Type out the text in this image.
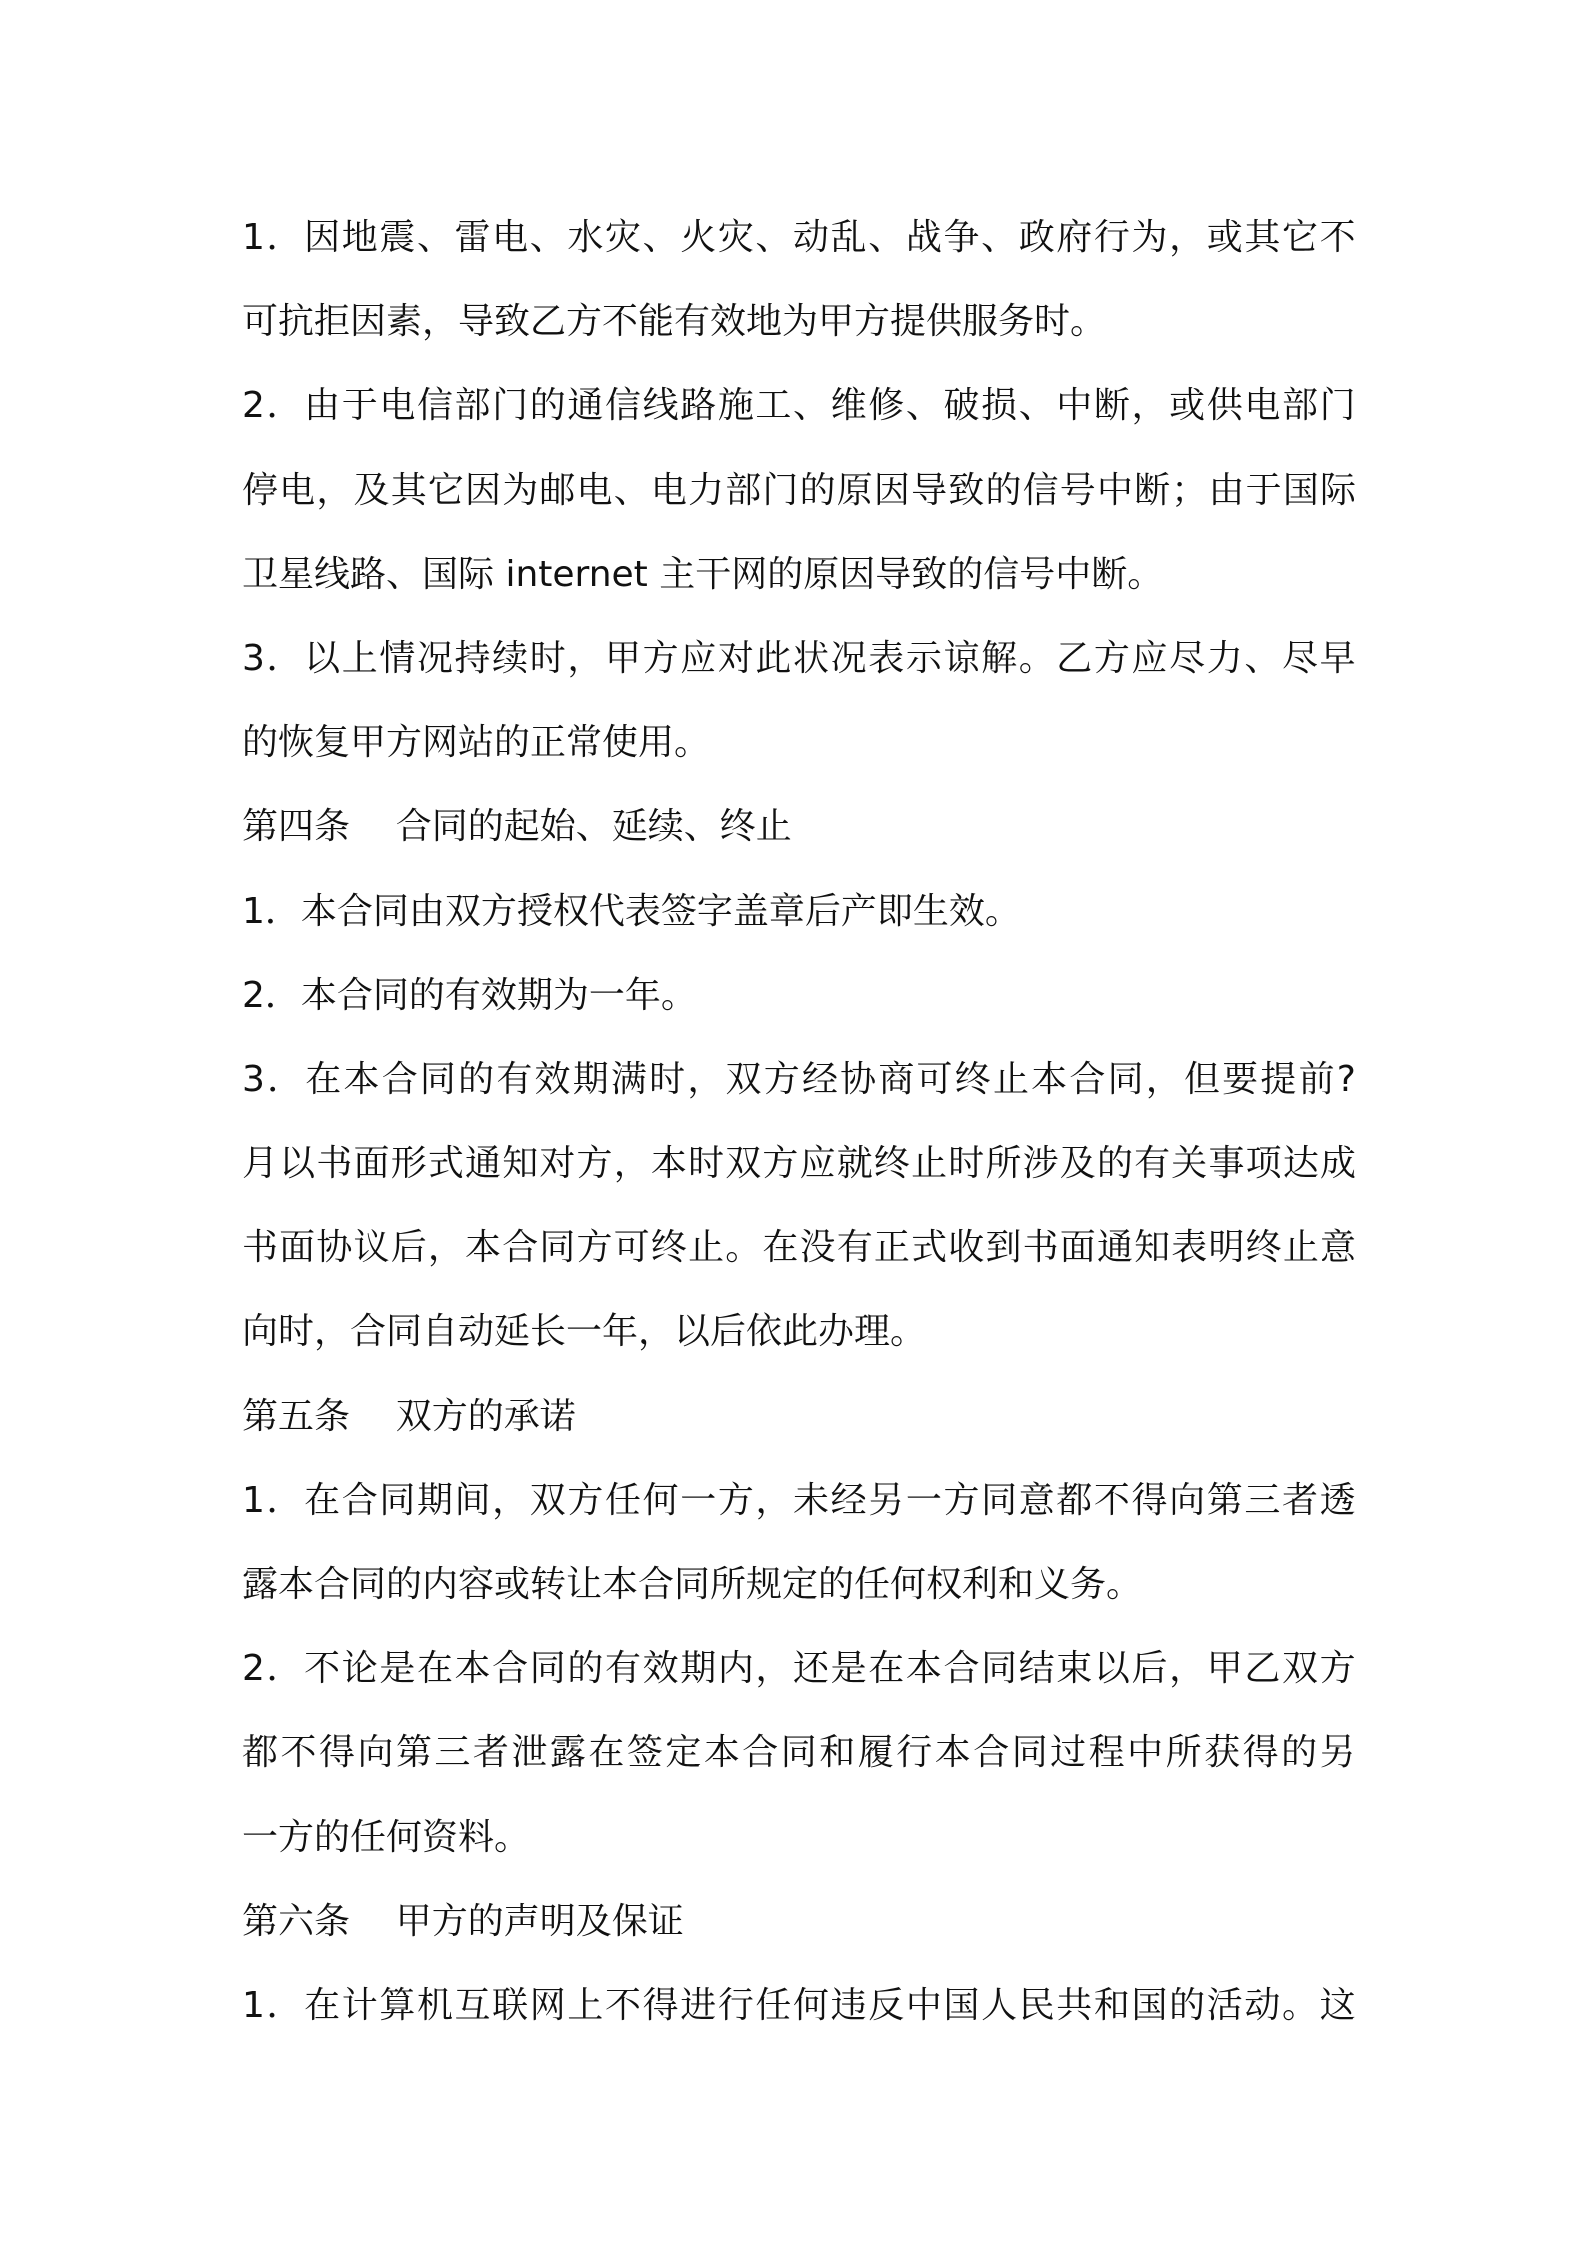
1 ． 因 地 震 、 雷 电 、 水 灾 、 火 灾 、 动 乱 、 战 争 、 政 府 行 为 ， 或 其 它 不
可抗拒因素，导致乙方不能有效地为甲方提供服务时。
2 ． 由 于 电 信 部 门 的 通 信 线 路 施 工 、 维 修 、 破 损 、 中 断 ， 或 供 电 部 门
停 电 ， 及 其 它 因 为 邮 电 、 电 力 部 门 的 原 因 导 致 的 信 号 中 断 ； 由 于 国 际
卫星线路、国际 internet 主干网的原因导致的信号中断。
3 ． 以 上 情 况 持 续 时 ， 甲 方 应 对 此 状 况 表 示 谅 解 。 乙 方 应 尽 力 、 尽 早
的恢复甲方网站的正常使用。
第四条    合同的起始、延续、终止
1．本合同由双方授权代表签字盖章后产即生效。
2．本合同的有效期为一年。
3 ． 在 本 合 同 的 有 效 期 满 时 ， 双 方 经 协 商 可 终 止 本 合 同 ， 但 要 提 前 ?
月 以 书 面 形 式 通 知 对 方 ， 本 时 双 方 应 就 终 止 时 所 涉 及 的 有 关 事 项 达 成
书 面 协 议 后 ， 本 合 同 方 可 终 止 。 在 没 有 正 式 收 到 书 面 通 知 表 明 终 止 意
向时，合同自动延长一年，以后依此办理。
第五条    双方的承诺
1 ． 在 合 同 期 间 ， 双 方 任 何 一 方 ， 未 经 另 一 方 同 意 都 不 得 向 第 三 者 透
露本合同的内容或转让本合同所规定的任何权利和义务。
2 ． 不 论 是 在 本 合 同 的 有 效 期 内 ， 还 是 在 本 合 同 结 束 以 后 ， 甲 乙 双 方
都 不 得 向 第 三 者 泄 露 在 签 定 本 合 同 和 履 行 本 合 同 过 程 中 所 获 得 的 另
一方的任何资料。
第六条    甲方的声明及保证
1 ． 在 计 算 机 互 联 网 上 不 得 进 行 任 何 违 反 中 国 人 民 共 和 国 的 活 动 。 这
